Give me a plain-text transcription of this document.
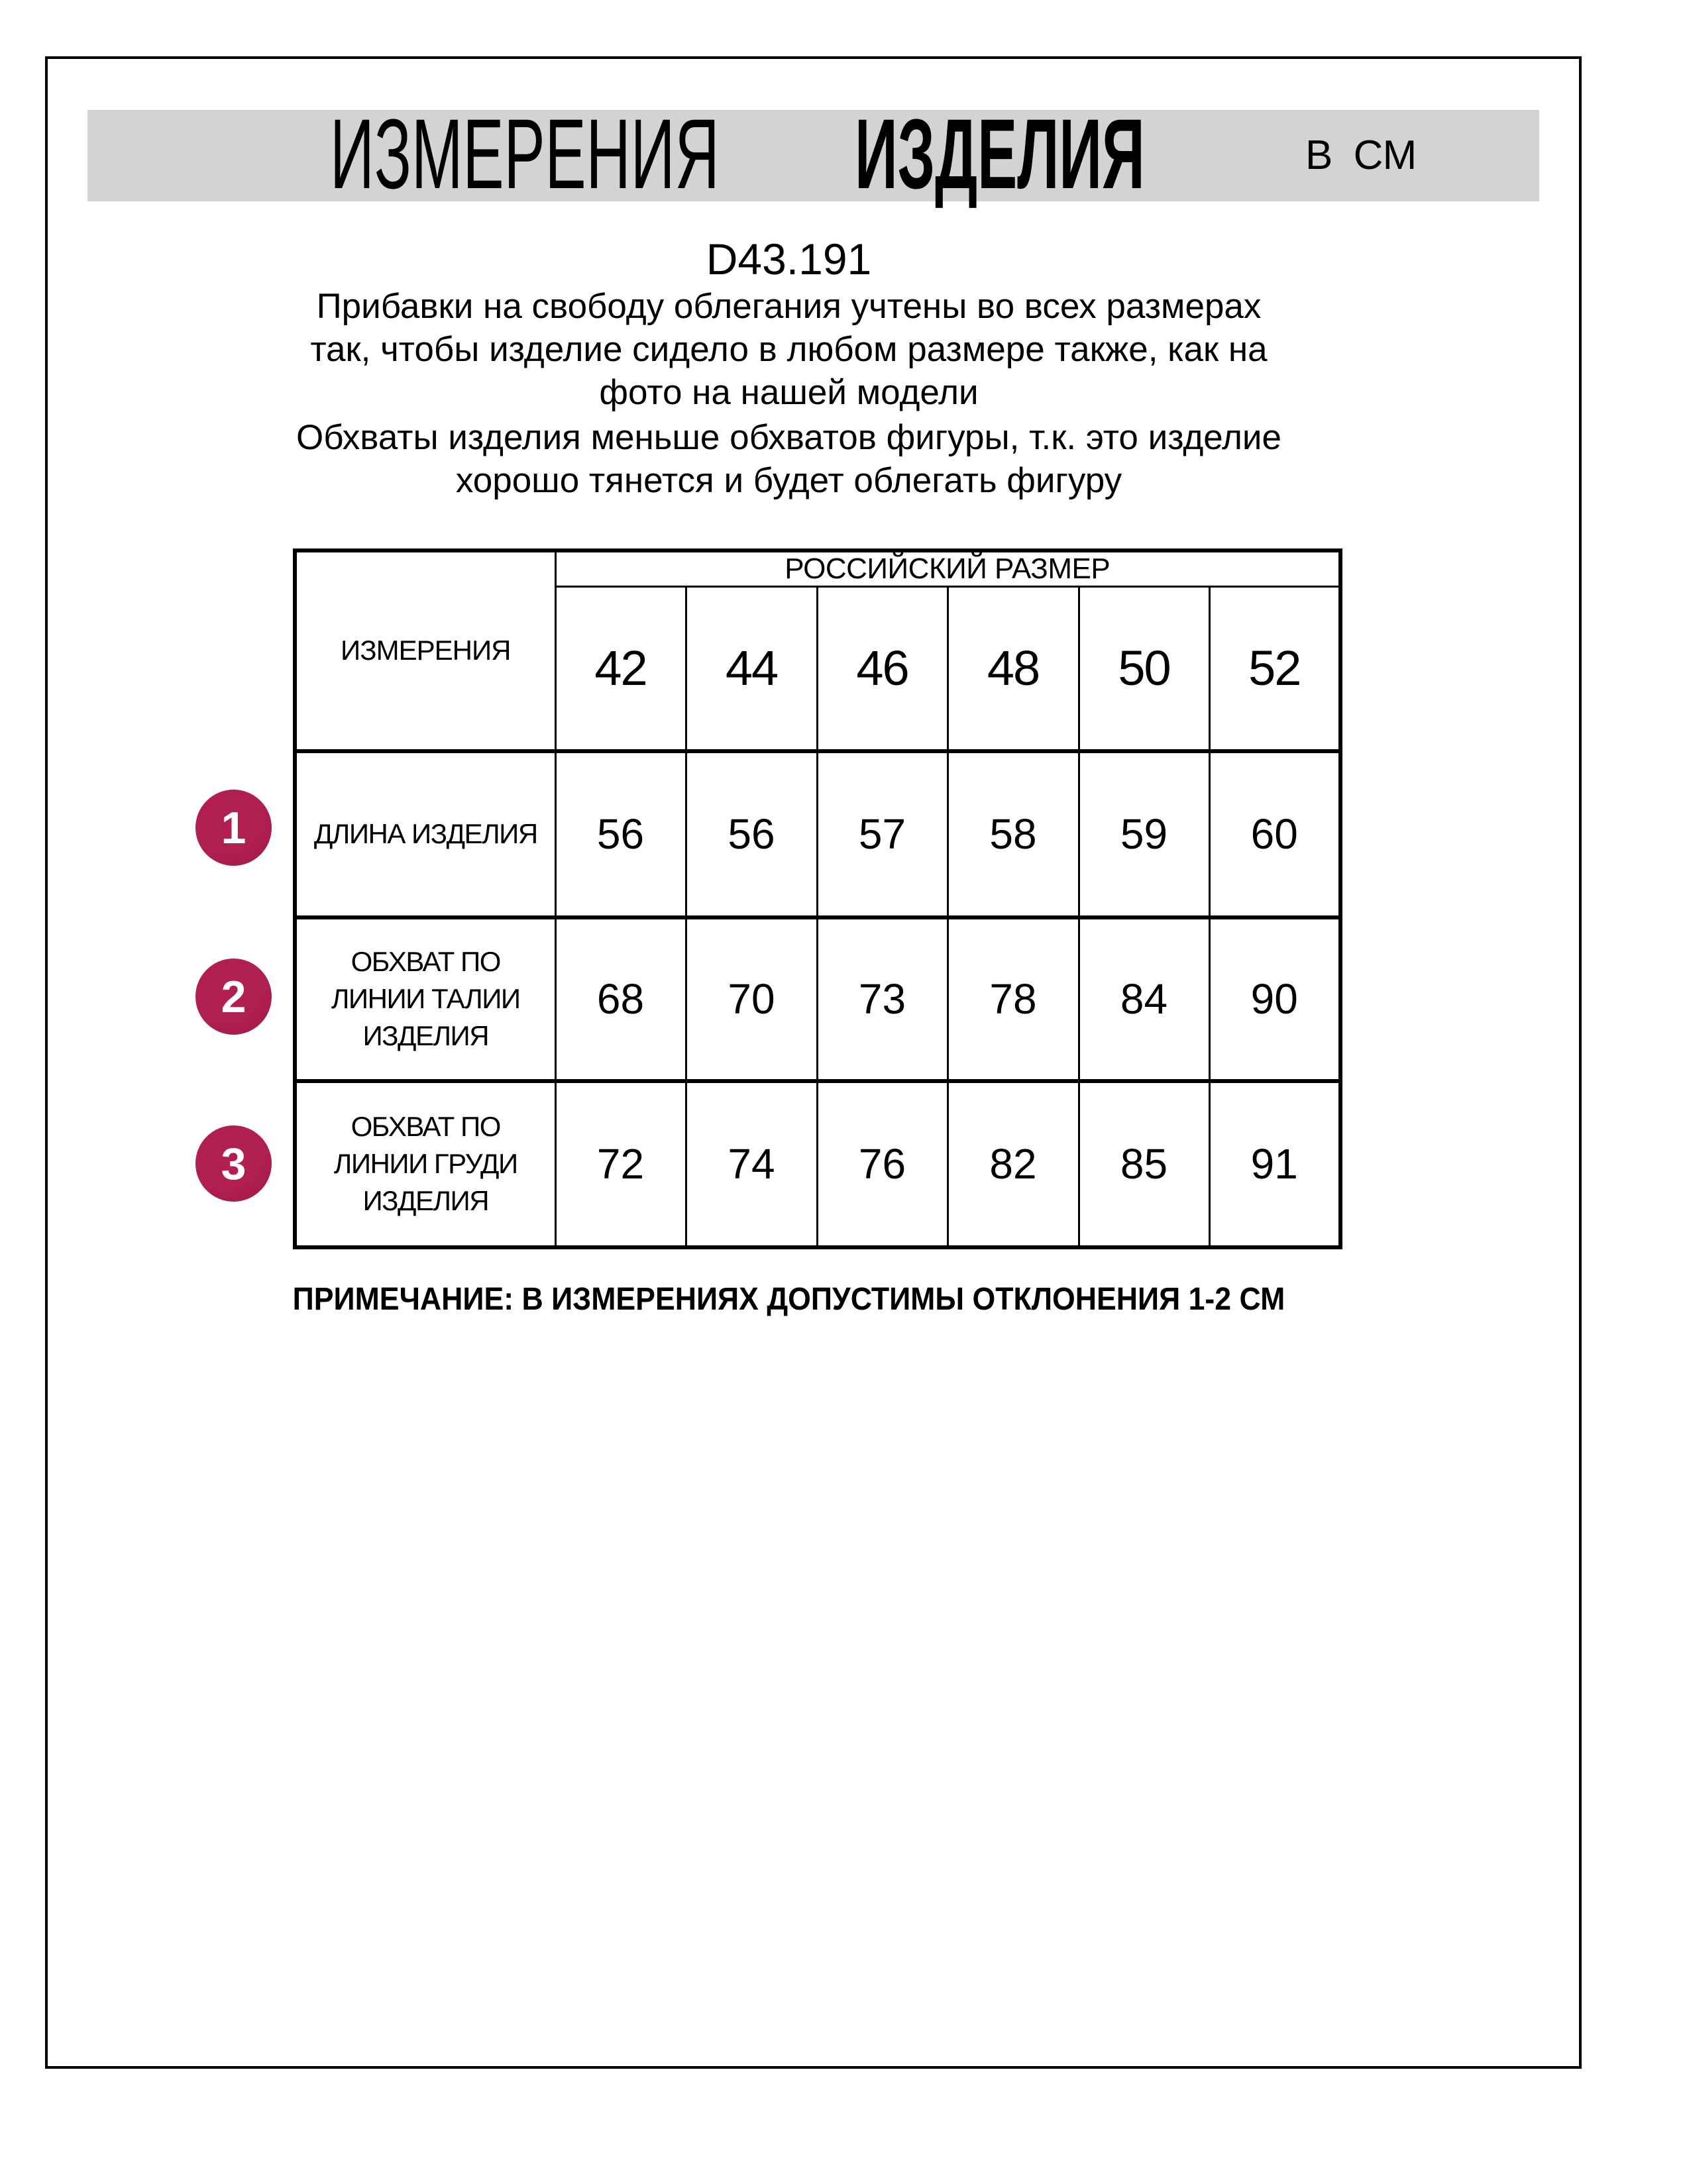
ИЗМЕРЕНИЯ ИЗДЕЛИЯ	В СМ
D43.191
Прибавки на свободу облегания учтены во всех размерах
так, чтобы изделие сидело в любом размере также, как на
фото на нашей модели
Обхваты изделия меньше обхватов фигуры, т.к. это изделие
хорошо тянется и будет облегать фигуру
ИЗМЕРЕНИЯ	РОССИЙСКИЙ РАЗМЕР					
	42	44	46	48	50	52
ДЛИНА ИЗДЕЛИЯ	56	56	57	58	59	60
ОБХВАТ ПО ЛИНИИ ТАЛИИ ИЗДЕЛИЯ	68	70	73	78	84	90
ОБХВАТ ПО ЛИНИИ ГРУДИ ИЗДЕЛИЯ	72	74	76	82	85	91
1
2
3
ПРИМЕЧАНИЕ: В ИЗМЕРЕНИЯХ ДОПУСТИМЫ ОТКЛОНЕНИЯ 1-2 СМ
